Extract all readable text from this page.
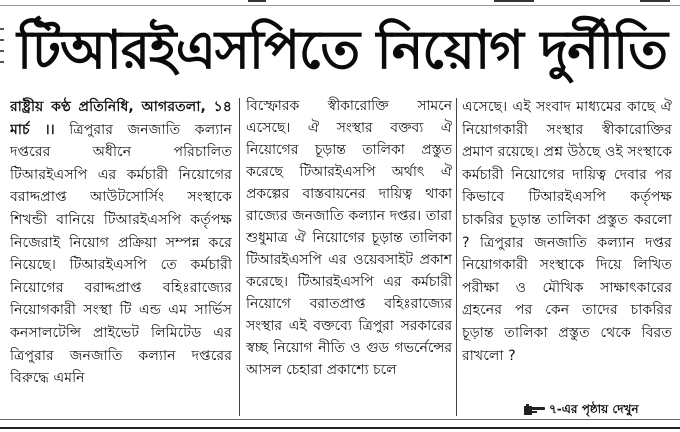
টিআরইএসপিতে নিয়োগ দুর্নীতি

রাষ্ট্রীয় কণ্ঠ প্রতিনিধি, আগরতলা, ১৪ মার্চ ।। ত্রিপুরার জনজাতি কল্যান দপ্তরের অধীনে পরিচালিত টিআরইএসপি এর কর্মচারী নিয়োগের বরাদ্দপ্রাপ্ত আউটসোর্সিং সংস্থাকে শিখন্ডী বানিয়ে টিআরইএসপি কর্তৃপক্ষ নিজেরাই নিয়োগ প্রক্রিয়া সম্পন্ন করে নিয়েছে। টিআরইএসপি তে কর্মচারী নিয়োগের বরাদ্দপ্রাপ্ত বহিঃরাজ্যের নিয়োগকারী সংস্থা টি এন্ড এম সার্ভিস কনসালটেন্সি প্রাইভেট লিমিটেড এর ত্রিপুরার জনজাতি কল্যান দপ্তরের বিরুদ্ধে এমনি

বিস্ফোরক স্বীকারোক্তি সামনে এসেছে। ঐ সংস্থার বক্তব্য ঐ নিয়োগের চূড়ান্ত তালিকা প্রস্তুত করেছে টিআরইএসপি অর্থাৎ ঐ প্রকল্পের বাস্তবায়নের দায়িত্ব থাকা রাজ্যের জনজাতি কল্যান দপ্তর। তারা শুধুমাত্র ঐ নিয়োগের চূড়ান্ত তালিকা টিআরইএসপি এর ওয়েবসাইট প্রকাশ করেছে। টিআরইএসপি এর কর্মচারী নিয়োগে বরাতপ্রাপ্ত বহিঃরাজ্যের সংস্থার এই বক্তব্যে ত্রিপুরা সরকারের স্বচ্ছ নিয়োগ নীতি ও গুড গভর্নেন্সের আসল চেহারা প্রকাশ্যে চলে

এসেছে। এই সংবাদ মাধ্যমের কাছে ঐ নিয়োগকারী সংস্থার স্বীকারোক্তির প্রমাণ রয়েছে। প্রশ্ন উঠছে ওই সংস্থাকে কর্মচারী নিয়োগের দায়িত্ব দেবার পর কিভাবে টিআরইএসপি কর্তৃপক্ষ চাকরির চূড়ান্ত তালিকা প্রস্তুত করলো ? ত্রিপুরার জনজাতি কল্যান দপ্তর নিয়োগকারী সংস্থাকে দিয়ে লিখিত পরীক্ষা ও মৌখিক সাক্ষাৎকারের গ্রহনের পর কেন তাদের চাকরির চূড়ান্ত তালিকা প্রস্তুত থেকে বিরত রাখলো ?

৭-এর পৃষ্ঠায় দেখুন
